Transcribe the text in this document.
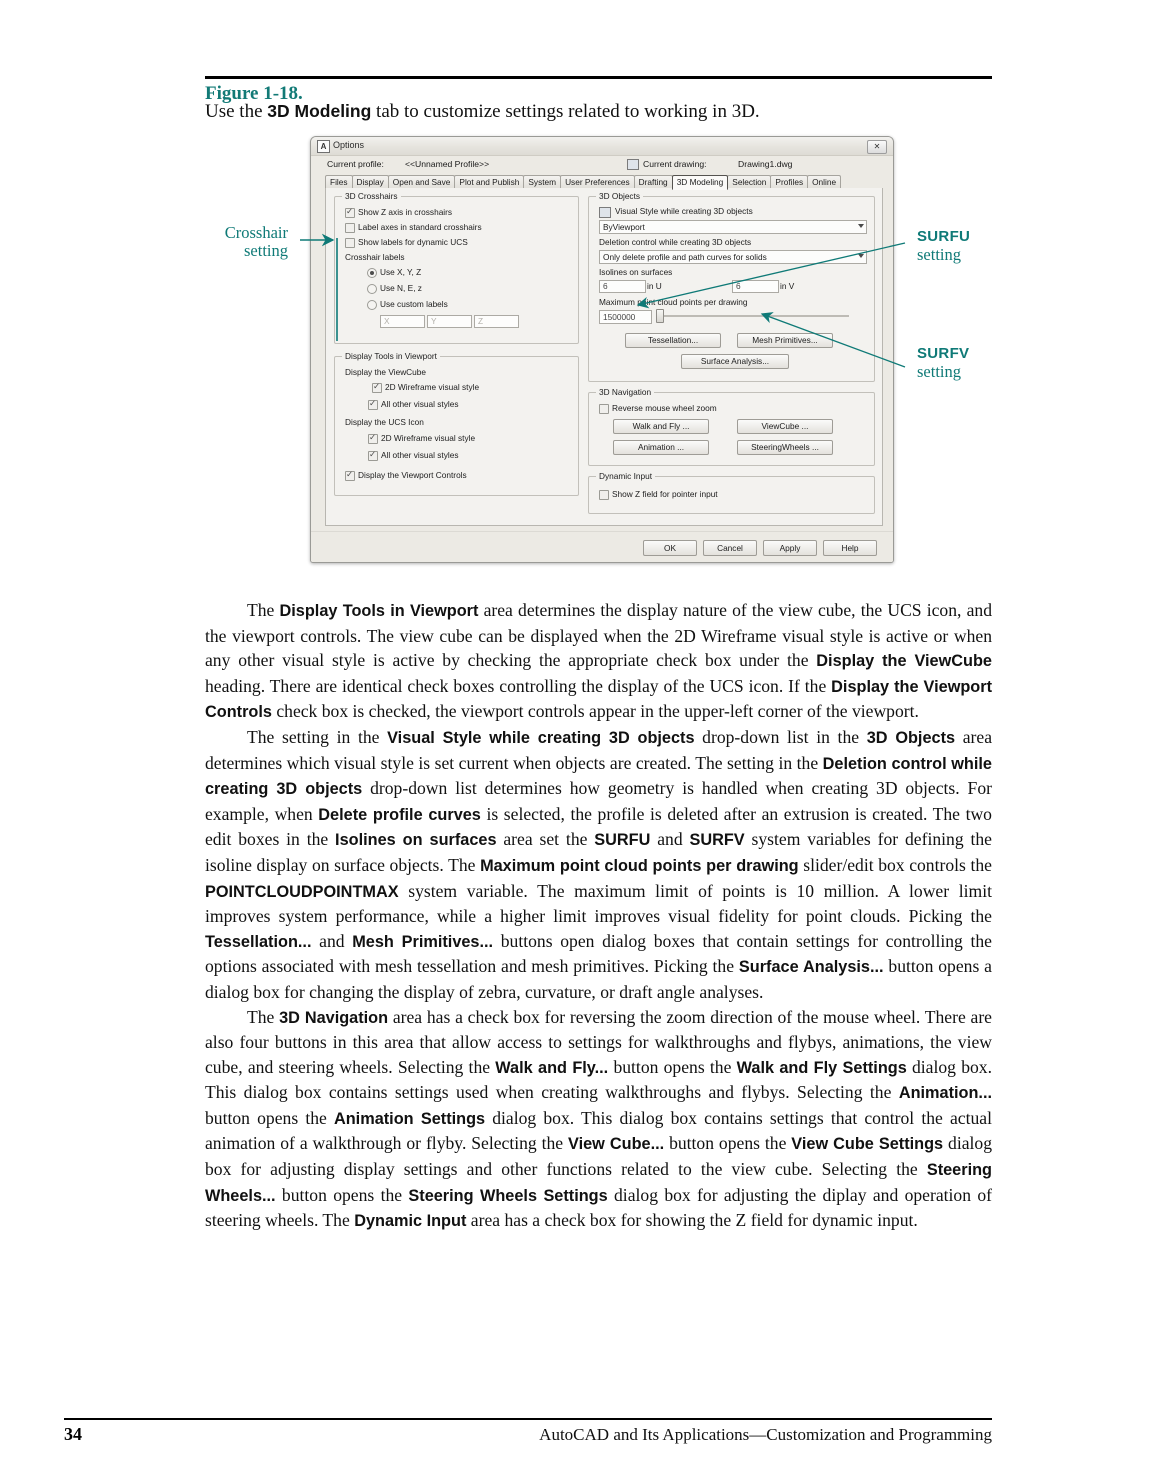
Figure 1-18.
Use the 3D Modeling tab to customize settings related to working in 3D.
A Options	✕
Current profile: <<Unnamed Profile>>	Current drawing:	Drawing1.dwg
Files	Display	Open and Save	Plot and Publish	System	User Preferences	Drafting	3D Modeling	Selection	Profiles	Online
3D Crosshairs
✓
Show Z axis in crosshairs
Label axes in standard crosshairs
Show labels for dynamic UCS
Crosshair labels
Use X, Y, Z
Use N, E, z
Use custom labels
X	Y	Z
Display Tools in Viewport
Display the ViewCube
✓
2D Wireframe visual style
✓
All other visual styles
Display the UCS Icon
✓
2D Wireframe visual style
✓
All other visual styles
✓
Display the Viewport Controls
3D Objects
Visual Style while creating 3D objects
ByViewport
Deletion control while creating 3D objects
Only delete profile and path curves for solids
Isolines on surfaces
6	in U	6	in V
Maximum point cloud points per drawing
1500000
Tessellation...	Mesh Primitives...
Surface Analysis...
3D Navigation
Reverse mouse wheel zoom
Walk and Fly ...	ViewCube ...
Animation ...	SteeringWheels ...
Dynamic Input
Show Z field for pointer input
OK	Cancel	Apply	Help
Crosshair
setting
SURFU
setting
SURFV
setting

The Display Tools in Viewport area determines the display nature of the view cube, the UCS icon, and the viewport controls. The view cube can be displayed when the 2D Wireframe visual style is active or when any other visual style is active by checking the appropriate check box under the Display the ViewCube heading. There are identical check boxes controlling the display of the UCS icon. If the Display the Viewport Controls check box is checked, the viewport controls appear in the upper-left corner of the viewport.

The setting in the Visual Style while creating 3D objects drop-down list in the 3D Objects area determines which visual style is set current when objects are created. The setting in the Deletion control while creating 3D objects drop-down list determines how geometry is handled when creating 3D objects. For example, when Delete profile curves is selected, the profile is deleted after an extrusion is created. The two edit boxes in the Isolines on surfaces area set the SURFU and SURFV system variables for defining the isoline display on surface objects. The Maximum point cloud points per drawing slider/edit box controls the POINTCLOUDPOINTMAX system variable. The maximum limit of points is 10 million. A lower limit improves system performance, while a higher limit improves visual fidelity for point clouds. Picking the Tessellation... and Mesh Primitives... buttons open dialog boxes that contain settings for controlling the options associated with mesh tessellation and mesh primitives. Picking the Surface Analysis... button opens a dialog box for changing the display of zebra, curvature, or draft angle analyses.

The 3D Navigation area has a check box for reversing the zoom direction of the mouse wheel. There are also four buttons in this area that allow access to settings for walkthroughs and flybys, animations, the view cube, and steering wheels. Selecting the Walk and Fly... button opens the Walk and Fly Settings dialog box. This dialog box contains settings used when creating walkthroughs and flybys. Selecting the Animation... button opens the Animation Settings dialog box. This dialog box contains settings that control the actual animation of a walkthrough or flyby. Selecting the View Cube... button opens the View Cube Settings dialog box for adjusting display settings and other functions related to the view cube. Selecting the Steering Wheels... button opens the Steering Wheels Settings dialog box for adjusting the diplay and operation of steering wheels. The Dynamic Input area has a check box for showing the Z field for dynamic input.

34	AutoCAD and Its Applications—Customization and Programming
